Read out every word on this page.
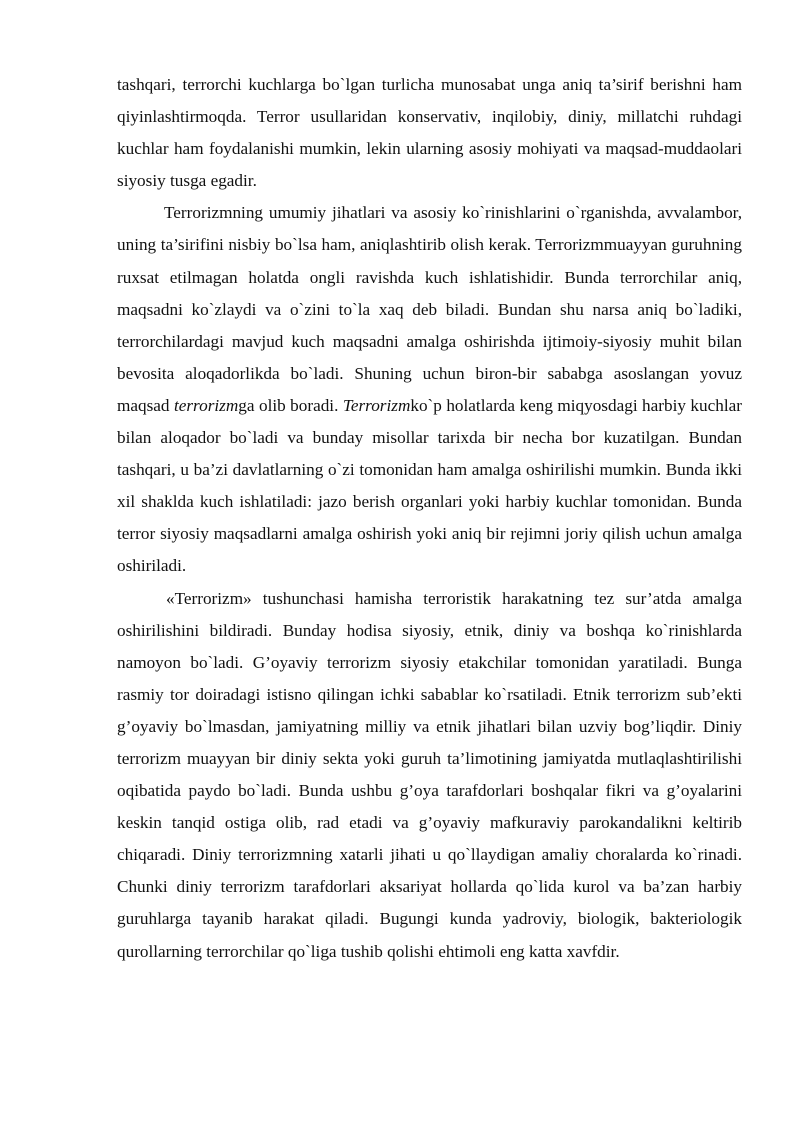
tashqari, terrorchi kuchlarga bo`lgan turlicha munosabat unga aniq ta’sirif berishni ham qiyinlashtirmoqda. Terror usullaridan konservativ, inqilobiy, diniy, millatchi ruhdagi kuchlar ham foydalanishi mumkin, lekin ularning asosiy mohiyati va maqsad-muddaolari siyosiy tusga egadir.

Terrorizmning umumiy jihatlari va asosiy ko`rinishlarini o`rganishda, avvalambor, uning ta’sirifini nisbiy bo`lsa ham, aniqlashtirib olish kerak. Terrorizmmuayyan guruhning ruxsat etilmagan holatda ongli ravishda kuch ishlatishidir. Bunda terrorchilar aniq, maqsadni ko`zlaydi va o`zini to`la xaq deb biladi. Bundan shu narsa aniq bo`ladiki, terrorchilardagi mavjud kuch maqsadni amalga oshirishda ijtimoiy-siyosiy muhit bilan bevosita aloqadorlikda bo`ladi. Shuning uchun biron-bir sababga asoslangan yovuz maqsad terrorizmga olib boradi. Terrorizmko`p holatlarda keng miqyosdagi harbiy kuchlar bilan aloqador bo`ladi va bunday misollar tarixda bir necha bor kuzatilgan. Bundan tashqari, u ba’zi davlatlarning o`zi tomonidan ham amalga oshirilishi mumkin. Bunda ikki xil shaklda kuch ishlatiladi: jazo berish organlari yoki harbiy kuchlar tomonidan. Bunda terror siyosiy maqsadlarni amalga oshirish yoki aniq bir rejimni joriy qilish uchun amalga oshiriladi.

«Terrorizm» tushunchasi hamisha terroristik harakatning tez sur’atda amalga oshirilishini bildiradi. Bunday hodisa siyosiy, etnik, diniy va boshqa ko`rinishlarda namoyon bo`ladi. G’oyaviy terrorizm siyosiy etakchilar tomonidan yaratiladi. Bunga rasmiy tor doiradagi istisno qilingan ichki sabablar ko`rsatiladi. Etnik terrorizm sub’ekti g’oyaviy bo`lmasdan, jamiyatning milliy va etnik jihatlari bilan uzviy bog’liqdir. Diniy terrorizm muayyan bir diniy sekta yoki guruh ta’limotining jamiyatda mutlaqlashtirilishi oqibatida paydo bo`ladi. Bunda ushbu g’oya tarafdorlari boshqalar fikri va g’oyalarini keskin tanqid ostiga olib, rad etadi va g’oyaviy mafkuraviy parokandalikni keltirib chiqaradi. Diniy terrorizmning xatarli jihati u qo`llaydigan amaliy choralarda ko`rinadi. Chunki diniy terrorizm tarafdorlari aksariyat hollarda qo`lida kurol va ba’zan harbiy guruhlarga tayanib harakat qiladi. Bugungi kunda yadroviy, biologik, bakteriologik qurollarning terrorchilar qo`liga tushib qolishi ehtimoli eng katta xavfdir.
